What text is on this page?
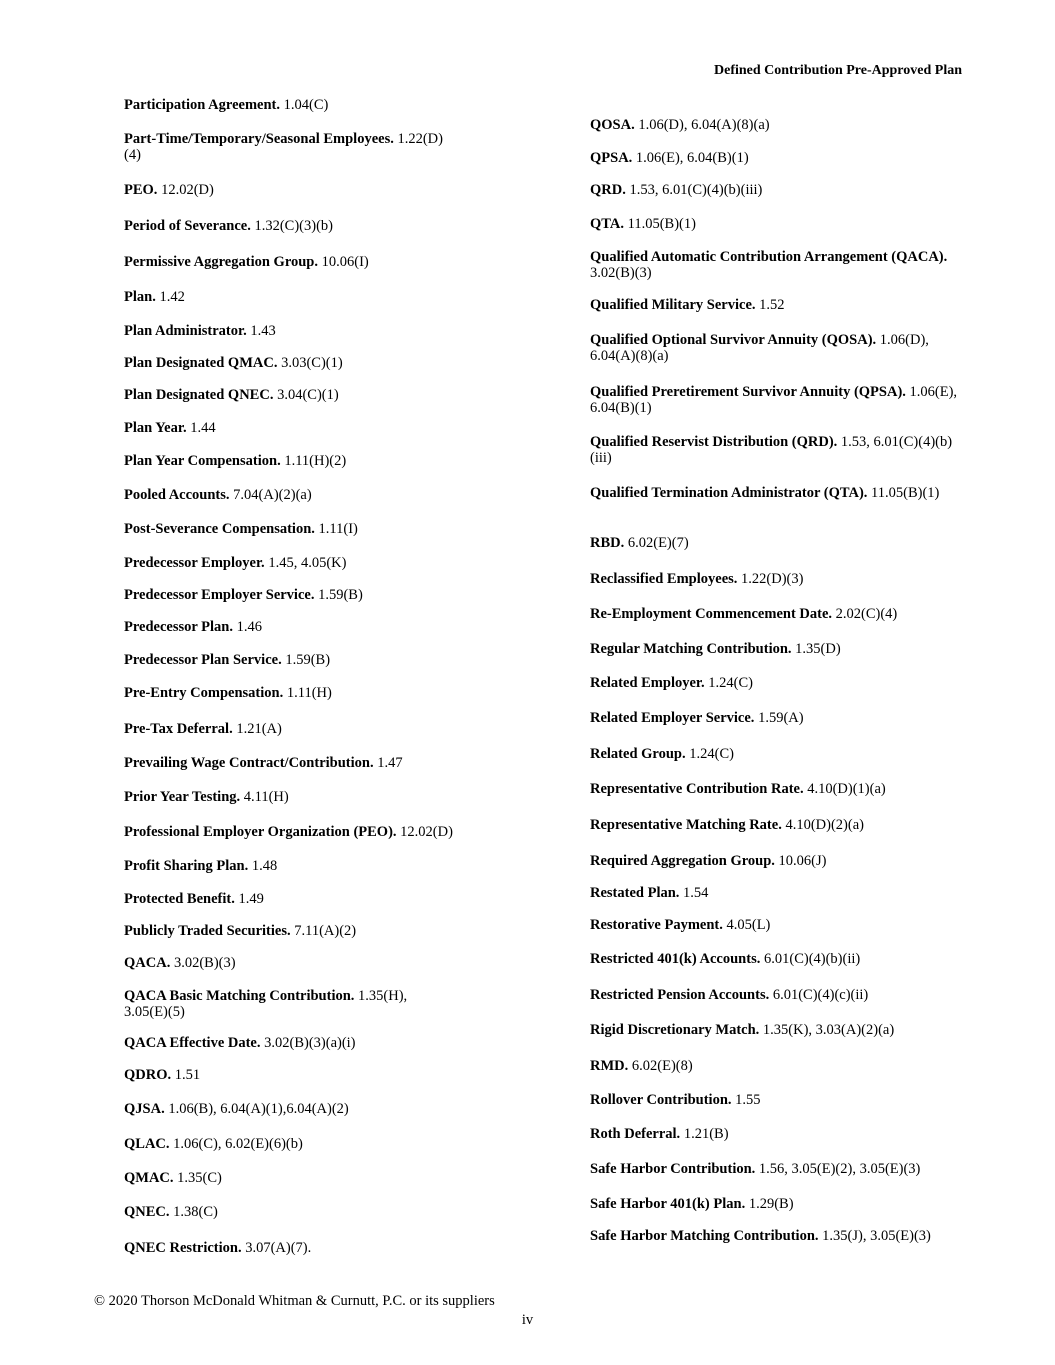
Defined Contribution Pre-Approved Plan
Participation Agreement. 1.04(C)
Part-Time/Temporary/Seasonal Employees. 1.22(D)(4)
PEO. 12.02(D)
Period of Severance. 1.32(C)(3)(b)
Permissive Aggregation Group. 10.06(I)
Plan. 1.42
Plan Administrator. 1.43
Plan Designated QMAC. 3.03(C)(1)
Plan Designated QNEC. 3.04(C)(1)
Plan Year. 1.44
Plan Year Compensation. 1.11(H)(2)
Pooled Accounts. 7.04(A)(2)(a)
Post-Severance Compensation. 1.11(I)
Predecessor Employer. 1.45, 4.05(K)
Predecessor Employer Service. 1.59(B)
Predecessor Plan. 1.46
Predecessor Plan Service. 1.59(B)
Pre-Entry Compensation. 1.11(H)
Pre-Tax Deferral. 1.21(A)
Prevailing Wage Contract/Contribution. 1.47
Prior Year Testing. 4.11(H)
Professional Employer Organization (PEO). 12.02(D)
Profit Sharing Plan. 1.48
Protected Benefit. 1.49
Publicly Traded Securities. 7.11(A)(2)
QACA. 3.02(B)(3)
QACA Basic Matching Contribution. 1.35(H), 3.05(E)(5)
QACA Effective Date. 3.02(B)(3)(a)(i)
QDRO. 1.51
QJSA. 1.06(B), 6.04(A)(1),6.04(A)(2)
QLAC. 1.06(C), 6.02(E)(6)(b)
QMAC. 1.35(C)
QNEC. 1.38(C)
QNEC Restriction. 3.07(A)(7).
QOSA. 1.06(D), 6.04(A)(8)(a)
QPSA. 1.06(E), 6.04(B)(1)
QRD. 1.53, 6.01(C)(4)(b)(iii)
QTA. 11.05(B)(1)
Qualified Automatic Contribution Arrangement (QACA). 3.02(B)(3)
Qualified Military Service. 1.52
Qualified Optional Survivor Annuity (QOSA). 1.06(D), 6.04(A)(8)(a)
Qualified Preretirement Survivor Annuity (QPSA). 1.06(E), 6.04(B)(1)
Qualified Reservist Distribution (QRD). 1.53, 6.01(C)(4)(b)(iii)
Qualified Termination Administrator (QTA). 11.05(B)(1)
RBD. 6.02(E)(7)
Reclassified Employees. 1.22(D)(3)
Re-Employment Commencement Date. 2.02(C)(4)
Regular Matching Contribution. 1.35(D)
Related Employer. 1.24(C)
Related Employer Service. 1.59(A)
Related Group. 1.24(C)
Representative Contribution Rate. 4.10(D)(1)(a)
Representative Matching Rate. 4.10(D)(2)(a)
Required Aggregation Group. 10.06(J)
Restated Plan. 1.54
Restorative Payment. 4.05(L)
Restricted 401(k) Accounts. 6.01(C)(4)(b)(ii)
Restricted Pension Accounts. 6.01(C)(4)(c)(ii)
Rigid Discretionary Match. 1.35(K), 3.03(A)(2)(a)
RMD. 6.02(E)(8)
Rollover Contribution. 1.55
Roth Deferral. 1.21(B)
Safe Harbor Contribution. 1.56, 3.05(E)(2), 3.05(E)(3)
Safe Harbor 401(k) Plan. 1.29(B)
Safe Harbor Matching Contribution. 1.35(J), 3.05(E)(3)
© 2020 Thorson McDonald Whitman & Curnutt, P.C. or its suppliers
iv
